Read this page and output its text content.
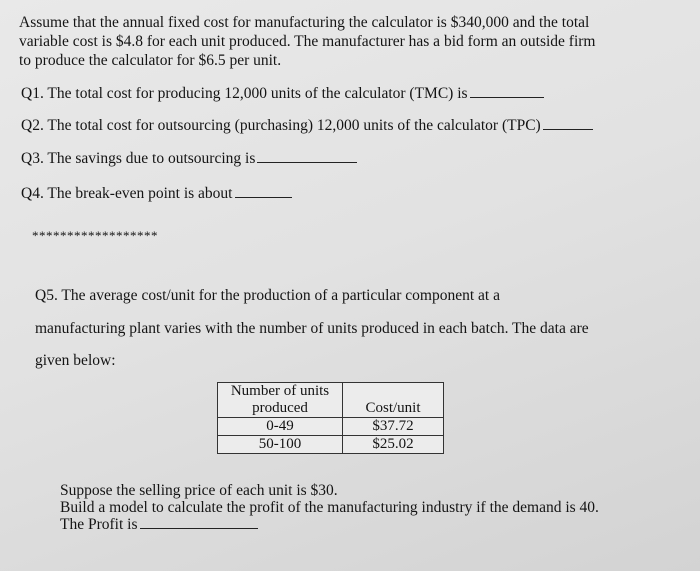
Assume that the annual fixed cost for manufacturing the calculator is $340,000 and the total
variable cost is $4.8 for each unit produced. The manufacturer has a bid form an outside firm
to produce the calculator for $6.5 per unit.
Q1. The total cost for producing 12,000 units of the calculator (TMC) is
Q2. The total cost for outsourcing (purchasing) 12,000 units of the calculator (TPC)
Q3. The savings due to outsourcing is
Q4. The break-even point is about
******************
Q5. The average cost/unit for the production of a particular component at a
manufacturing plant varies with the number of units produced in each batch. The data are
given below:
Number of units
produced	Cost/unit
0-49	$37.72
50-100	$25.02
Suppose the selling price of each unit is $30.
Build a model to calculate the profit of the manufacturing industry if the demand is 40.
The Profit is
